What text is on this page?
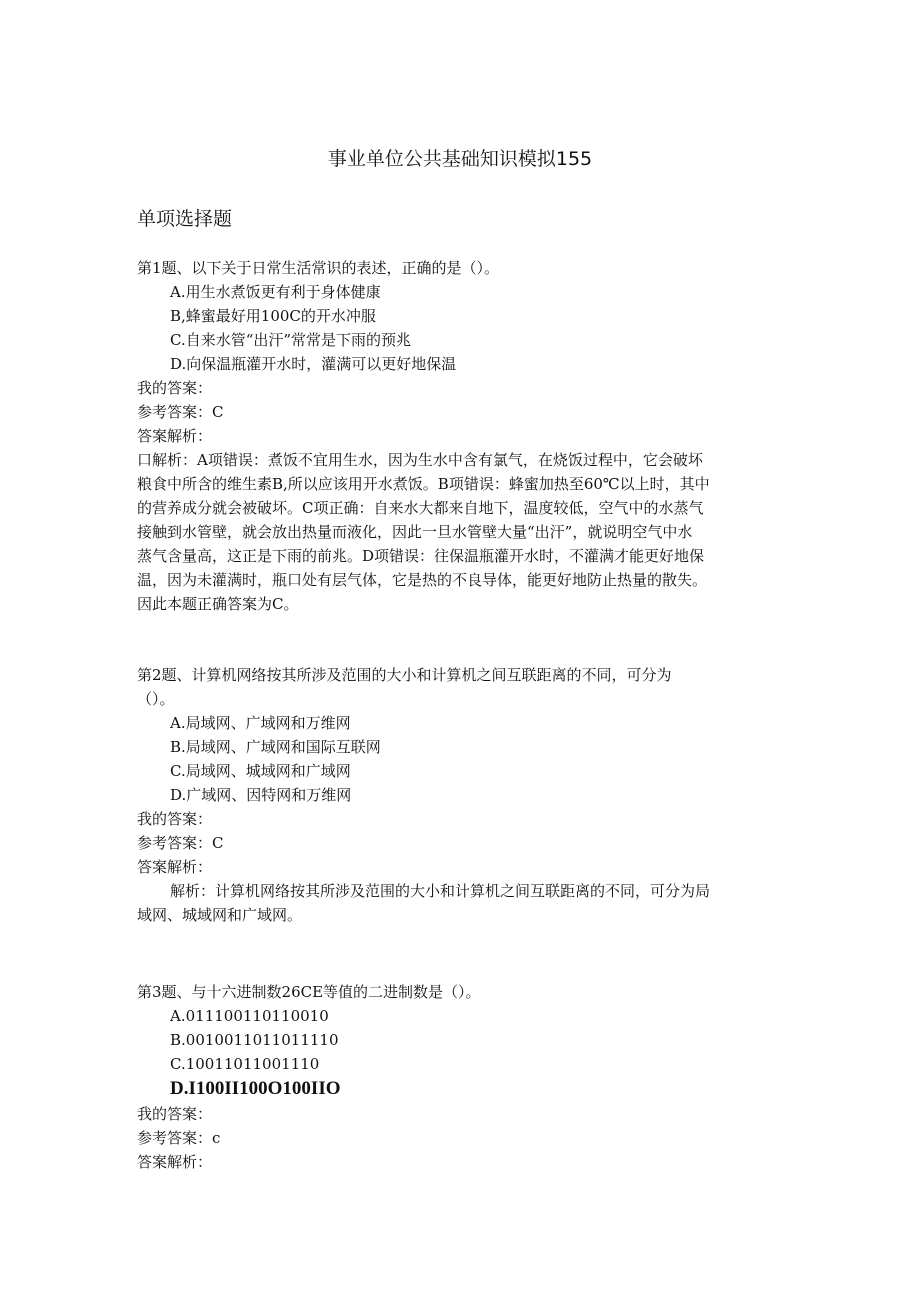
事业单位公共基础知识模拟155
单项选择题

第1题、以下关于日常生活常识的表述，正确的是（）。

A.用生水煮饭更有利于身体健康
B,蜂蜜最好用100C的开水冲服
C.自来水管“出汗”常常是下雨的预兆
D.向保温瓶灌开水时，灌满可以更好地保温

我的答案：

参考答案：C

答案解析：

口解析：A项错误：煮饭不宜用生水，因为生水中含有氯气，在烧饭过程中，它会破坏

粮食中所含的维生素B,所以应该用开水煮饭。B项错误：蜂蜜加热至60℃以上时，其中

的营养成分就会被破坏。C项正确：自来水大都来自地下，温度较低，空气中的水蒸气

接触到水管壁，就会放出热量而液化，因此一旦水管壁大量“出汗”，就说明空气中水

蒸气含量高，这正是下雨的前兆。D项错误：往保温瓶灌开水时，不灌满才能更好地保

温，因为未灌满时，瓶口处有层气体，它是热的不良导体，能更好地防止热量的散失。

因此本题正确答案为C。

第2题、计算机网络按其所涉及范围的大小和计算机之间互联距离的不同，可分为

（）。

A.局域网、广域网和万维网
B.局域网、广域网和国际互联网
C.局域网、城域网和广域网
D.广域网、因特网和万维网

我的答案：

参考答案：C

答案解析：

解析：计算机网络按其所涉及范围的大小和计算机之间互联距离的不同，可分为局

域网、城域网和广域网。

第3题、与十六进制数26CE等值的二进制数是（）。

A.011100110110010
B.0010011011011110
C.10011011001110
D.I100II100O100IIO

我的答案：

参考答案：c

答案解析：
